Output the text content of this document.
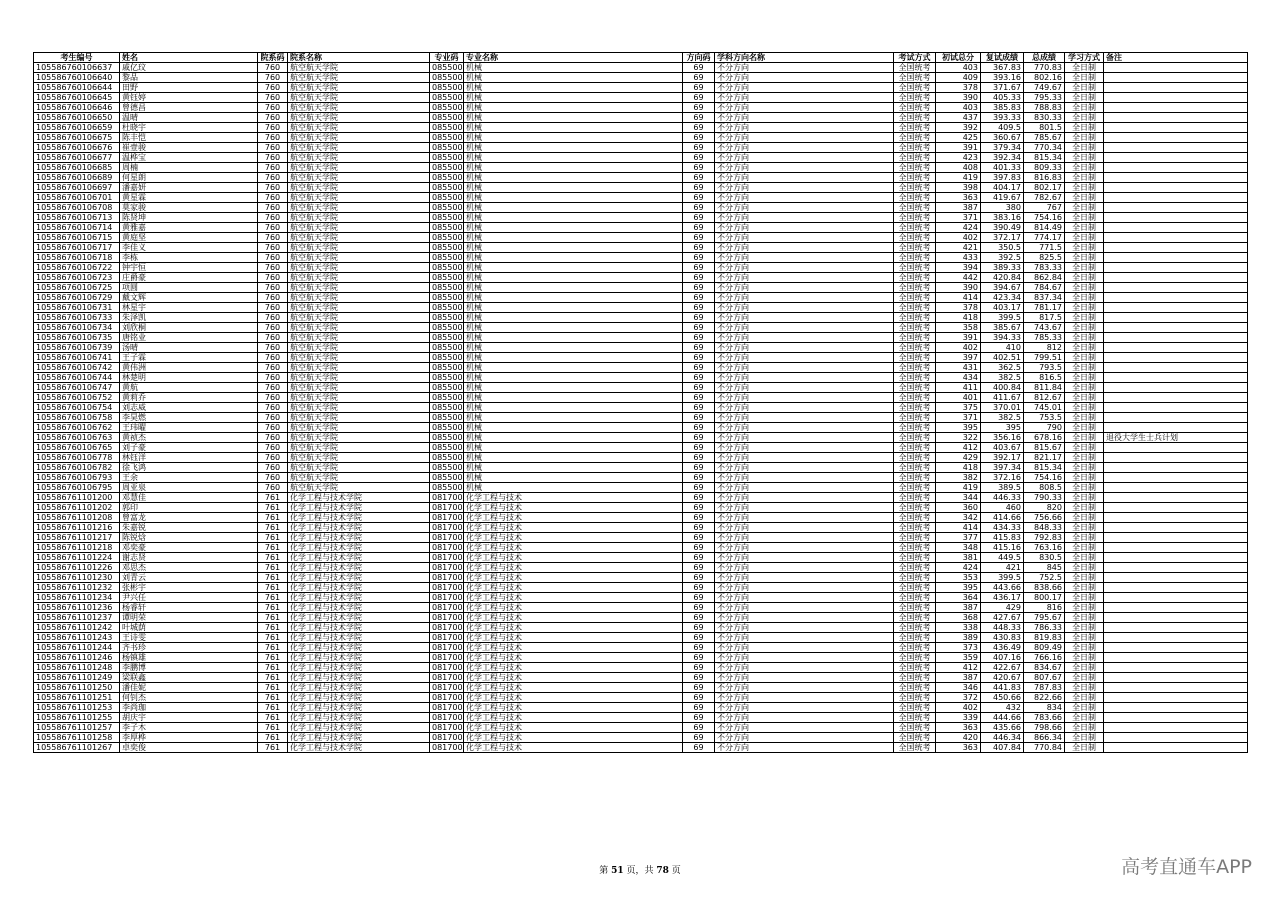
考生编号	姓名	院系码	院系名称	专业码	专业名称	方向码	学科方向名称	考试方式	初试总分	复试成绩	总成绩	学习方式	备注
105586760106637	戚亿玟	760	航空航天学院	085500	机械	69	不分方向	全国统考	403	367.83	770.83	全日制	
105586760106640	黎品	760	航空航天学院	085500	机械	69	不分方向	全国统考	409	393.16	802.16	全日制	
105586760106644	田野	760	航空航天学院	085500	机械	69	不分方向	全国统考	378	371.67	749.67	全日制	
105586760106645	黄钰婷	760	航空航天学院	085500	机械	69	不分方向	全国统考	390	405.33	795.33	全日制	
105586760106646	曾德昌	760	航空航天学院	085500	机械	69	不分方向	全国统考	403	385.83	788.83	全日制	
105586760106650	温晴	760	航空航天学院	085500	机械	69	不分方向	全国统考	437	393.33	830.33	全日制	
105586760106659	杜晓宇	760	航空航天学院	085500	机械	69	不分方向	全国统考	392	409.5	801.5	全日制	
105586760106675	陈丰恺	760	航空航天学院	085500	机械	69	不分方向	全国统考	425	360.67	785.67	全日制	
105586760106676	崔壹骏	760	航空航天学院	085500	机械	69	不分方向	全国统考	391	379.34	770.34	全日制	
105586760106677	温桦宝	760	航空航天学院	085500	机械	69	不分方向	全国统考	423	392.34	815.34	全日制	
105586760106685	周楠	760	航空航天学院	085500	机械	69	不分方向	全国统考	408	401.33	809.33	全日制	
105586760106689	何星朗	760	航空航天学院	085500	机械	69	不分方向	全国统考	419	397.83	816.83	全日制	
105586760106697	潘嘉妍	760	航空航天学院	085500	机械	69	不分方向	全国统考	398	404.17	802.17	全日制	
105586760106701	黄星霖	760	航空航天学院	085500	机械	69	不分方向	全国统考	363	419.67	782.67	全日制	
105586760106708	莫家骏	760	航空航天学院	085500	机械	69	不分方向	全国统考	387	380	767	全日制	
105586760106713	陈贤坤	760	航空航天学院	085500	机械	69	不分方向	全国统考	371	383.16	754.16	全日制	
105586760106714	黄雅嘉	760	航空航天学院	085500	机械	69	不分方向	全国统考	424	390.49	814.49	全日制	
105586760106715	黄庭坚	760	航空航天学院	085500	机械	69	不分方向	全国统考	402	372.17	774.17	全日制	
105586760106717	李佳义	760	航空航天学院	085500	机械	69	不分方向	全国统考	421	350.5	771.5	全日制	
105586760106718	李栋	760	航空航天学院	085500	机械	69	不分方向	全国统考	433	392.5	825.5	全日制	
105586760106722	钟宇恒	760	航空航天学院	085500	机械	69	不分方向	全国统考	394	389.33	783.33	全日制	
105586760106723	庄爵豪	760	航空航天学院	085500	机械	69	不分方向	全国统考	442	420.84	862.84	全日制	
105586760106725	项圆	760	航空航天学院	085500	机械	69	不分方向	全国统考	390	394.67	784.67	全日制	
105586760106729	戴文辉	760	航空航天学院	085500	机械	69	不分方向	全国统考	414	423.34	837.34	全日制	
105586760106731	林星宇	760	航空航天学院	085500	机械	69	不分方向	全国统考	378	403.17	781.17	全日制	
105586760106733	朱泽凯	760	航空航天学院	085500	机械	69	不分方向	全国统考	418	399.5	817.5	全日制	
105586760106734	刘欣桐	760	航空航天学院	085500	机械	69	不分方向	全国统考	358	385.67	743.67	全日制	
105586760106735	唐铭业	760	航空航天学院	085500	机械	69	不分方向	全国统考	391	394.33	785.33	全日制	
105586760106739	汤晴	760	航空航天学院	085500	机械	69	不分方向	全国统考	402	410	812	全日制	
105586760106741	王子霖	760	航空航天学院	085500	机械	69	不分方向	全国统考	397	402.51	799.51	全日制	
105586760106742	黄伟洲	760	航空航天学院	085500	机械	69	不分方向	全国统考	431	362.5	793.5	全日制	
105586760106744	林楚明	760	航空航天学院	085500	机械	69	不分方向	全国统考	434	382.5	816.5	全日制	
105586760106747	黄航	760	航空航天学院	085500	机械	69	不分方向	全国统考	411	400.84	811.84	全日制	
105586760106752	黄莉乔	760	航空航天学院	085500	机械	69	不分方向	全国统考	401	411.67	812.67	全日制	
105586760106754	刘志威	760	航空航天学院	085500	机械	69	不分方向	全国统考	375	370.01	745.01	全日制	
105586760106758	李昊燃	760	航空航天学院	085500	机械	69	不分方向	全国统考	371	382.5	753.5	全日制	
105586760106762	王玮曜	760	航空航天学院	085500	机械	69	不分方向	全国统考	395	395	790	全日制	
105586760106763	黄祯杰	760	航空航天学院	085500	机械	69	不分方向	全国统考	322	356.16	678.16	全日制	退役大学生士兵计划
105586760106765	刘子豪	760	航空航天学院	085500	机械	69	不分方向	全国统考	412	403.67	815.67	全日制	
105586760106778	林钰洋	760	航空航天学院	085500	机械	69	不分方向	全国统考	429	392.17	821.17	全日制	
105586760106782	徐飞鸿	760	航空航天学院	085500	机械	69	不分方向	全国统考	418	397.34	815.34	全日制	
105586760106793	王余	760	航空航天学院	085500	机械	69	不分方向	全国统考	382	372.16	754.16	全日制	
105586760106795	周亚泉	760	航空航天学院	085500	机械	69	不分方向	全国统考	419	389.5	808.5	全日制	
105586761101200	邓慧佳	761	化学工程与技术学院	081700	化学工程与技术	69	不分方向	全国统考	344	446.33	790.33	全日制	
105586761101202	郭印	761	化学工程与技术学院	081700	化学工程与技术	69	不分方向	全国统考	360	460	820	全日制	
105586761101208	曾富龙	761	化学工程与技术学院	081700	化学工程与技术	69	不分方向	全国统考	342	414.66	756.66	全日制	
105586761101216	朱嘉锐	761	化学工程与技术学院	081700	化学工程与技术	69	不分方向	全国统考	414	434.33	848.33	全日制	
105586761101217	陈锐焓	761	化学工程与技术学院	081700	化学工程与技术	69	不分方向	全国统考	377	415.83	792.83	全日制	
105586761101218	邓奕豪	761	化学工程与技术学院	081700	化学工程与技术	69	不分方向	全国统考	348	415.16	763.16	全日制	
105586761101224	谢志贤	761	化学工程与技术学院	081700	化学工程与技术	69	不分方向	全国统考	381	449.5	830.5	全日制	
105586761101226	邓思杰	761	化学工程与技术学院	081700	化学工程与技术	69	不分方向	全国统考	424	421	845	全日制	
105586761101230	刘青云	761	化学工程与技术学院	081700	化学工程与技术	69	不分方向	全国统考	353	399.5	752.5	全日制	
105586761101232	张彬宇	761	化学工程与技术学院	081700	化学工程与技术	69	不分方向	全国统考	395	443.66	838.66	全日制	
105586761101234	尹兴任	761	化学工程与技术学院	081700	化学工程与技术	69	不分方向	全国统考	364	436.17	800.17	全日制	
105586761101236	杨睿轩	761	化学工程与技术学院	081700	化学工程与技术	69	不分方向	全国统考	387	429	816	全日制	
105586761101237	谭明荣	761	化学工程与技术学院	081700	化学工程与技术	69	不分方向	全国统考	368	427.67	795.67	全日制	
105586761101242	叶城荫	761	化学工程与技术学院	081700	化学工程与技术	69	不分方向	全国统考	338	448.33	786.33	全日制	
105586761101243	王诗雯	761	化学工程与技术学院	081700	化学工程与技术	69	不分方向	全国统考	389	430.83	819.83	全日制	
105586761101244	齐书珍	761	化学工程与技术学院	081700	化学工程与技术	69	不分方向	全国统考	373	436.49	809.49	全日制	
105586761101246	杨镇雄	761	化学工程与技术学院	081700	化学工程与技术	69	不分方向	全国统考	359	407.16	766.16	全日制	
105586761101248	李鹏博	761	化学工程与技术学院	081700	化学工程与技术	69	不分方向	全国统考	412	422.67	834.67	全日制	
105586761101249	梁联鑫	761	化学工程与技术学院	081700	化学工程与技术	69	不分方向	全国统考	387	420.67	807.67	全日制	
105586761101250	潘佳妮	761	化学工程与技术学院	081700	化学工程与技术	69	不分方向	全国统考	346	441.83	787.83	全日制	
105586761101251	何钊杰	761	化学工程与技术学院	081700	化学工程与技术	69	不分方向	全国统考	372	450.66	822.66	全日制	
105586761101253	李尚珈	761	化学工程与技术学院	081700	化学工程与技术	69	不分方向	全国统考	402	432	834	全日制	
105586761101255	胡庆宇	761	化学工程与技术学院	081700	化学工程与技术	69	不分方向	全国统考	339	444.66	783.66	全日制	
105586761101257	李子木	761	化学工程与技术学院	081700	化学工程与技术	69	不分方向	全国统考	363	435.66	798.66	全日制	
105586761101258	李厚桦	761	化学工程与技术学院	081700	化学工程与技术	69	不分方向	全国统考	420	446.34	866.34	全日制	
105586761101267	卓奕俊	761	化学工程与技术学院	081700	化学工程与技术	69	不分方向	全国统考	363	407.84	770.84	全日制	
第 51 页，共 78 页	高考直通车APP
